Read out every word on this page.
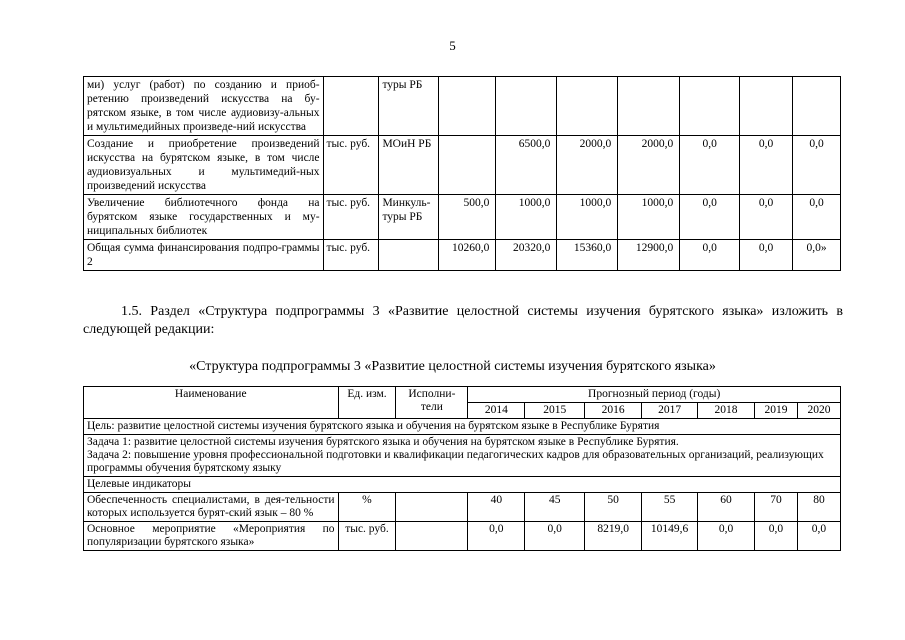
5
ми) услуг (работ) по созданию и приоб-ретению произведений искусства на бу-рятском языке, в том числе аудиовизу-альных и мультимедийных произведе-ний искусства		туры РБ							
Создание и приобретение произведений искусства на бурятском языке, в том числе аудиовизуальных и мультимедий-ных произведений искусства	тыс. руб.	МОиН РБ		6500,0	2000,0	2000,0	0,0	0,0	0,0
Увеличение библиотечного фонда на бурятском языке государственных и му-ниципальных библиотек	тыс. руб.	Минкуль-туры РБ	500,0	1000,0	1000,0	1000,0	0,0	0,0	0,0
Общая сумма финансирования подпро-граммы 2	тыс. руб.		10260,0	20320,0	15360,0	12900,0	0,0	0,0	0,0»
1.5. Раздел «Структура подпрограммы 3 «Развитие целостной системы изучения бурятского языка» изложить в следующей редакции:
«Структура подпрограммы 3 «Развитие целостной системы изучения бурятского языка»
Наименование	Ед. изм.	Исполни-тели	Прогнозный период (годы)						
			2014	2015	2016	2017	2018	2019	2020
Цель: развитие целостной системы изучения бурятского языка и обучения на бурятском языке в Республике Бурятия									

Задача 1: развитие целостной системы изучения бурятского языка и обучения на бурятском языке в Республике Бурятия.
Задача 2: повышение уровня профессиональной подготовки и квалификации педагогических кадров для образовательных организаций, реализующих программы обучения бурятскому языку									

Целевые индикаторы									
Обеспеченность специалистами, в дея-тельности которых используется бурят-ский язык – 80 %	%		40	45	50	55	60	70	80
Основное мероприятие «Мероприятия по популяризации бурятского языка»	тыс. руб.		0,0	0,0	8219,0	10149,6	0,0	0,0	0,0
